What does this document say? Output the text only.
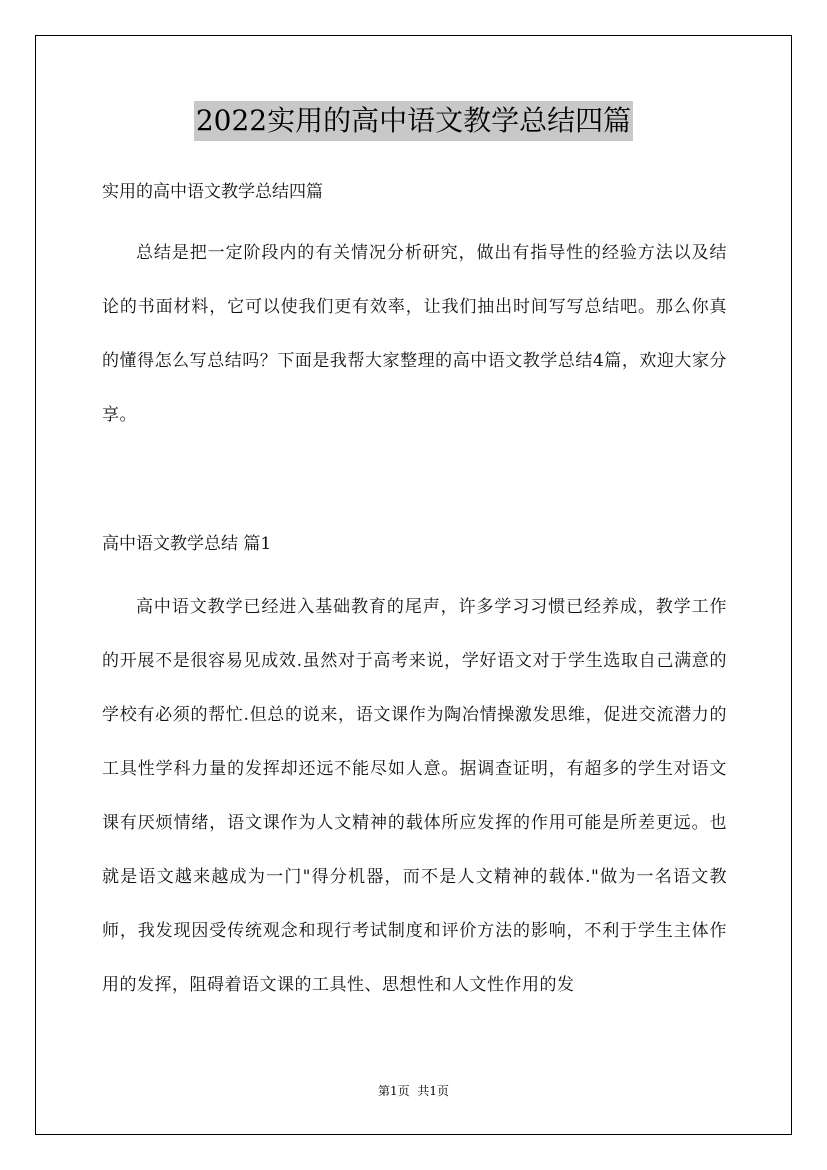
2022实用的高中语文教学总结四篇

实用的高中语文教学总结四篇

总结是把一定阶段内的有关情况分析研究，做出有指导性的经验方法以及结论的书面材料，它可以使我们更有效率，让我们抽出时间写写总结吧。那么你真的懂得怎么写总结吗？下面是我帮大家整理的高中语文教学总结4篇，欢迎大家分享。

高中语文教学总结 篇1

高中语文教学已经进入基础教育的尾声，许多学习习惯已经养成，教学工作的开展不是很容易见成效.虽然对于高考来说，学好语文对于学生选取自己满意的学校有必须的帮忙.但总的说来，语文课作为陶冶情操激发思维，促进交流潜力的工具性学科力量的发挥却还远不能尽如人意。据调查证明，有超多的学生对语文课有厌烦情绪，语文课作为人文精神的载体所应发挥的作用可能是所差更远。也就是语文越来越成为一门"得分机器，而不是人文精神的载体."做为一名语文教师，我发现因受传统观念和现行考试制度和评价方法的影响，不利于学生主体作用的发挥，阻碍着语文课的工具性、思想性和人文性作用的发

第1页 共1页
